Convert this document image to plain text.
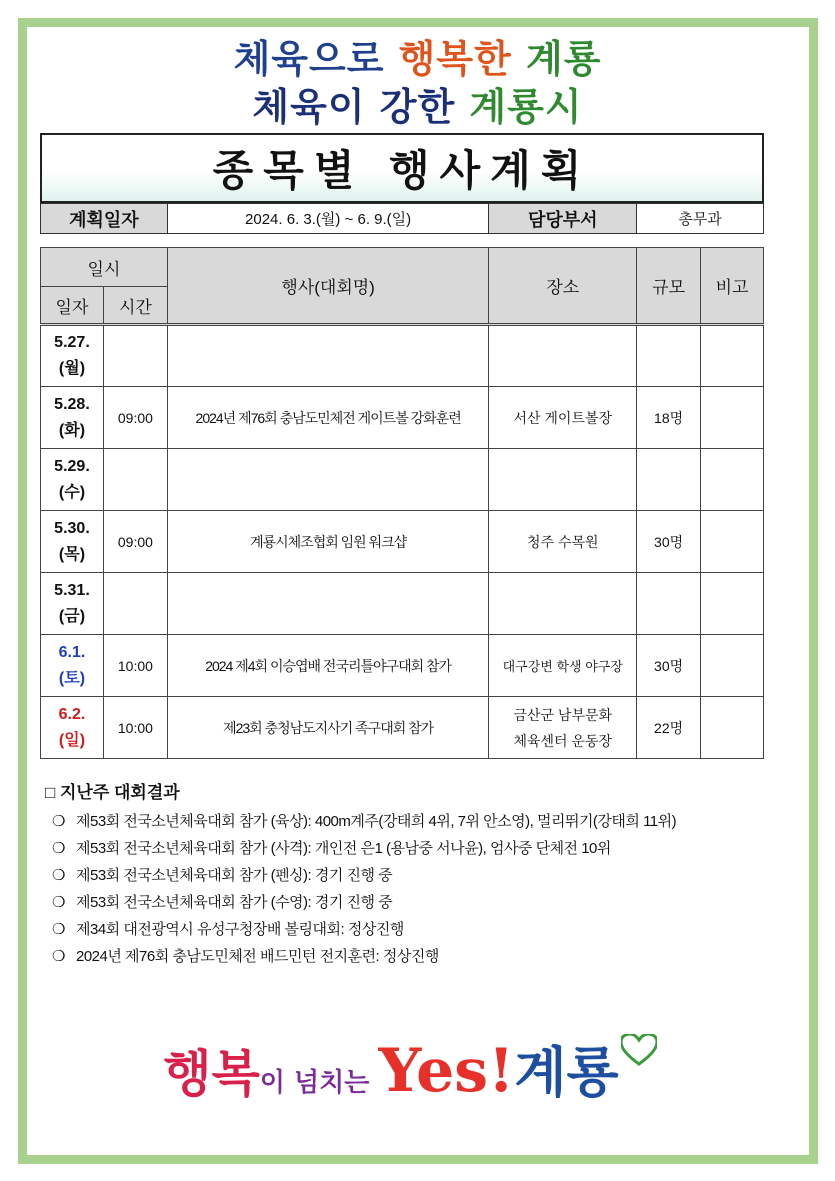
체육으로 행복한 계룡
체육이 강한 계룡시
종목별 행사계획
계획일자	2024. 6. 3.(월) ~ 6. 9.(일)	담당부서	총무과
일시		행사(대회명)	장소	규모	비고
일자	시간				
5.27.
(월)					
5.28.
(화)	09:00	2024년 제76회 충남도민체전 게이트볼 강화훈련	서산 게이트볼장	18명	
5.29.
(수)					
5.30.
(목)	09:00	계룡시체조협회 임원 워크샵	청주 수목원	30명	
5.31.
(금)					
6.1.
(토)	10:00	2024 제4회 이승엽배 전국리틀야구대회 참가	대구강변 학생 야구장	30명	
6.2.
(일)	10:00	제23회 충청남도지사기 족구대회 참가	금산군 남부문화
체육센터 운동장	22명	
□ 지난주 대회결과
❍ 제53회 전국소년체육대회 참가 (육상): 400m계주(강태희 4위, 7위 안소영), 멀리뛰기(강태희 11위)
❍ 제53회 전국소년체육대회 참가 (사격): 개인전 은1 (용남중 서나윤), 엄사중 단체전 10위
❍ 제53회 전국소년체육대회 참가 (펜싱): 경기 진행 중
❍ 제53회 전국소년체육대회 참가 (수영): 경기 진행 중
❍ 제34회 대전광역시 유성구청장배 볼링대회: 정상진행
❍ 2024년 제76회 충남도민체전 배드민턴 전지훈련: 정상진행
행복이 넘치는 Yes!계룡
